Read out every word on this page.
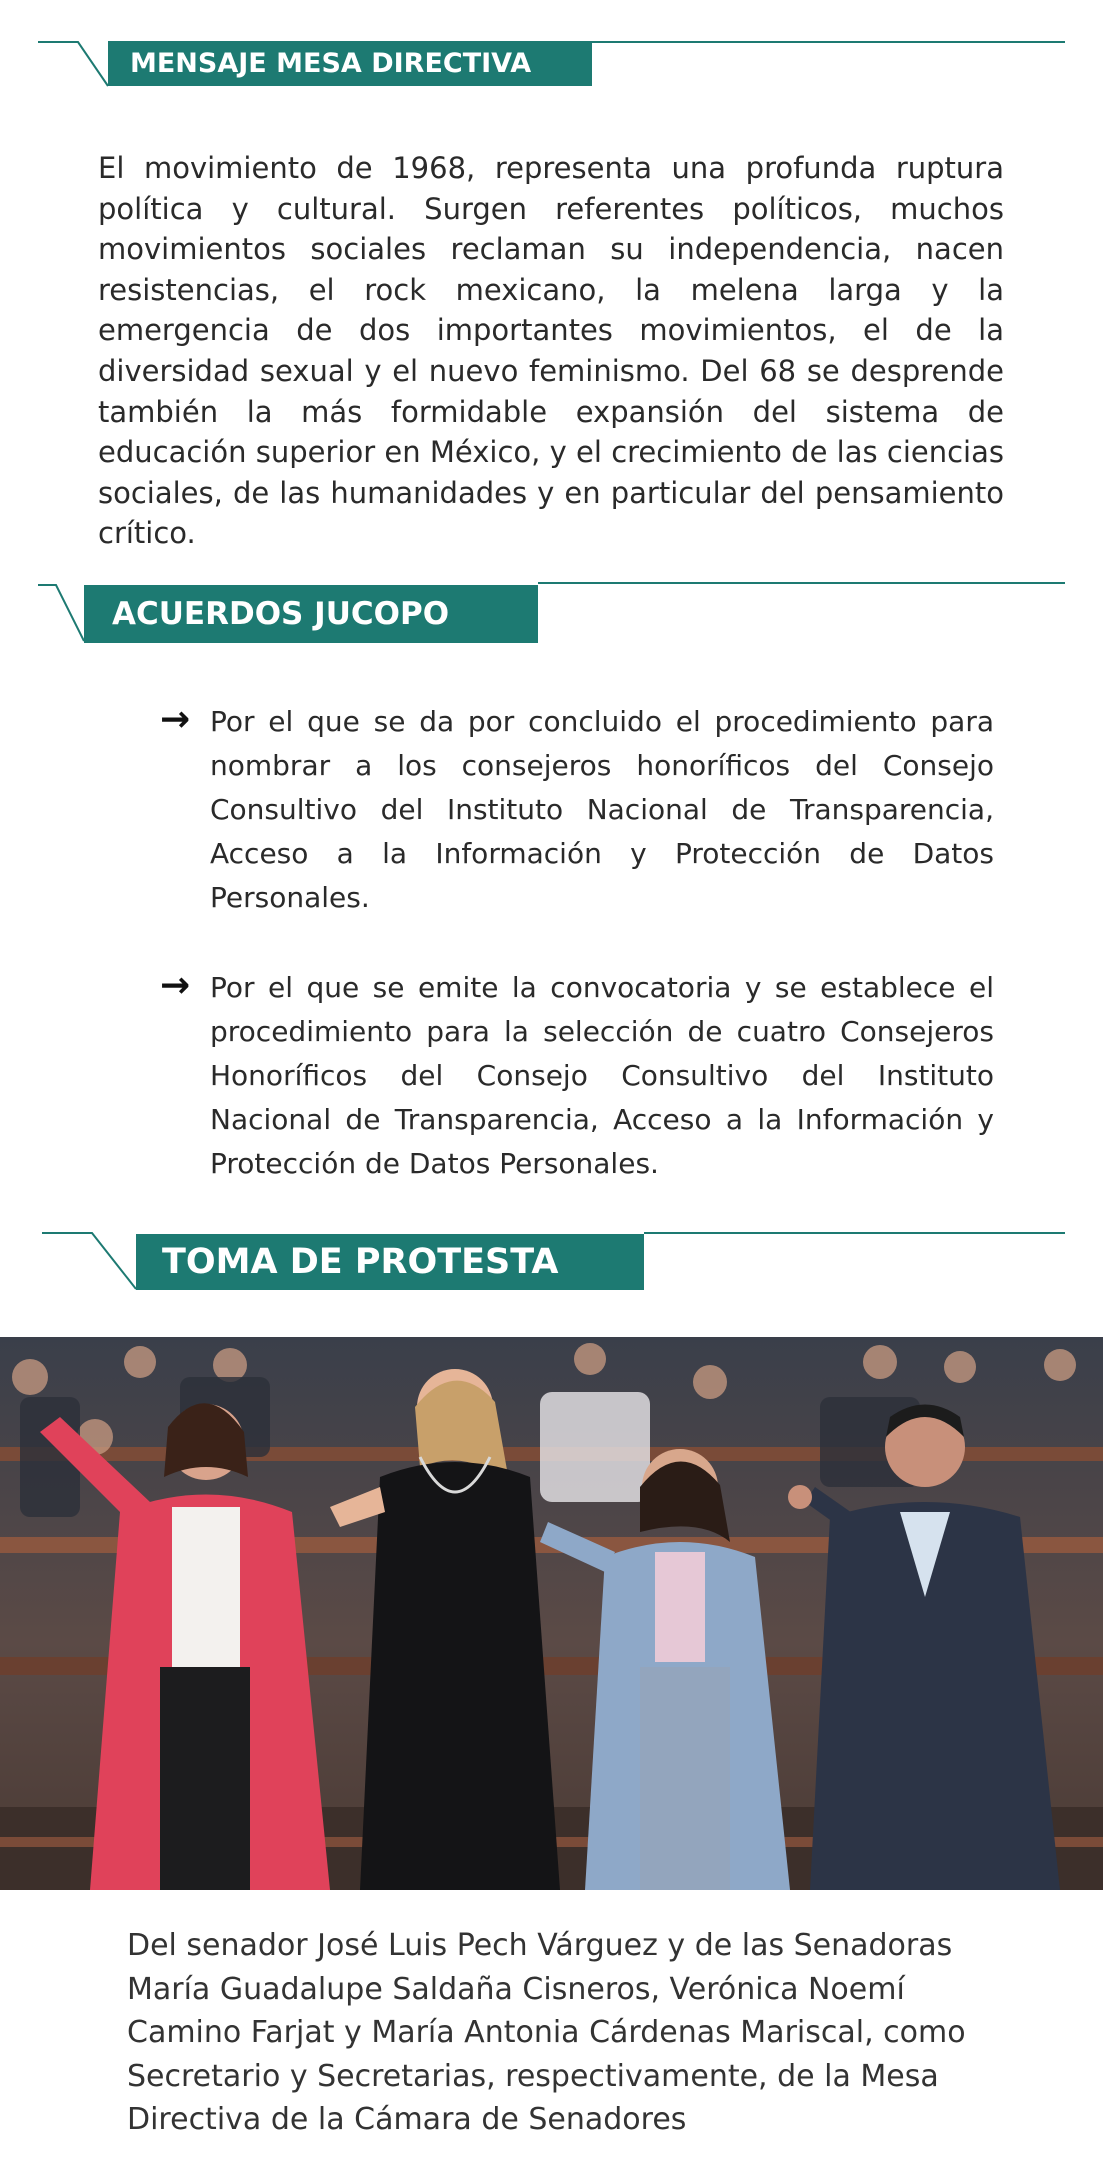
MENSAJE MESA DIRECTIVA

El movimiento de 1968, representa una profunda ruptura política y cultural. Surgen referentes políticos, muchos movimientos sociales reclaman su independencia, nacen resistencias, el rock mexicano, la melena larga y la emergencia de dos importantes movimientos, el de la diversidad sexual y el nuevo feminismo. Del 68 se desprende también la más formidable expansión del sistema de educación superior en México, y el crecimiento de las ciencias sociales, de las humanidades y en particular del pensamiento crítico.

ACUERDOS JUCOPO
→ Por el que se da por concluido el procedimiento para nombrar a los consejeros honoríficos del Consejo Consultivo del Instituto Nacional de Transparencia, Acceso a la Información y Protección de Datos Personales.

→ Por el que se emite la convocatoria y se establece el procedimiento para la selección de cuatro Consejeros Honoríficos del Consejo Consultivo del Instituto Nacional de Transparencia, Acceso a la Información y Protección de Datos Personales.

TOMA DE PROTESTA

Del senador José Luis Pech Várguez y de las Senadoras María Guadalupe Saldaña Cisneros, Verónica Noemí Camino Farjat y María Antonia Cárdenas Mariscal, como Secretario y Secretarias, respectivamente, de la Mesa Directiva de la Cámara de Senadores
